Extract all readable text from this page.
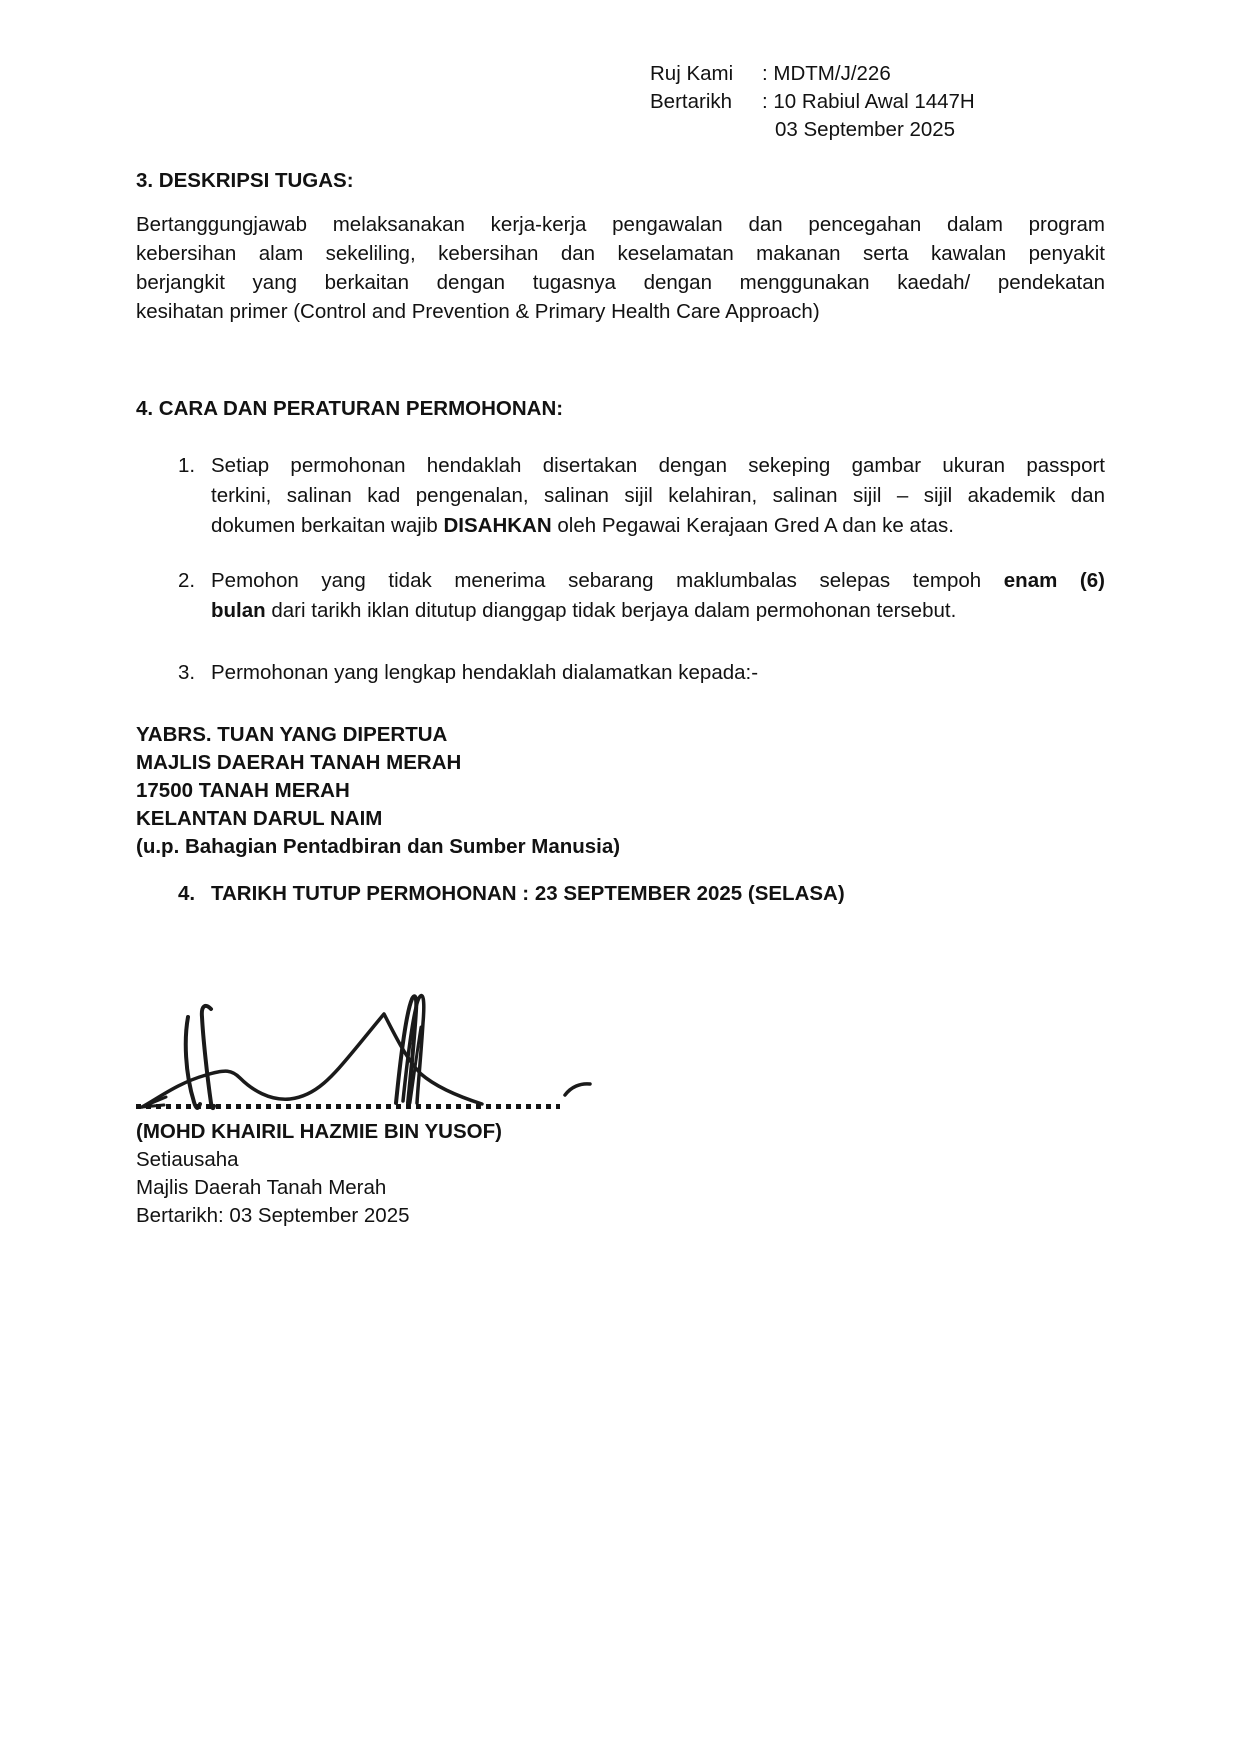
Ruj Kami	: MDTM/J/226
Bertarikh	: 10 Rabiul Awal 1447H
03 September 2025
3. DESKRIPSI TUGAS:
Bertanggungjawab melaksanakan kerja-kerja pengawalan dan pencegahan dalam program
kebersihan alam sekeliling, kebersihan dan keselamatan makanan serta kawalan penyakit
berjangkit yang berkaitan dengan tugasnya dengan menggunakan kaedah/ pendekatan
kesihatan primer (Control and Prevention & Primary Health Care Approach)
4. CARA DAN PERATURAN PERMOHONAN:
1. Setiap permohonan hendaklah disertakan dengan sekeping gambar ukuran passport
terkini, salinan kad pengenalan, salinan sijil kelahiran, salinan sijil – sijil akademik dan
dokumen berkaitan wajib DISAHKAN oleh Pegawai Kerajaan Gred A dan ke atas.
2. Pemohon yang tidak menerima sebarang maklumbalas selepas tempoh enam (6)
bulan dari tarikh iklan ditutup dianggap tidak berjaya dalam permohonan tersebut.
3. Permohonan yang lengkap hendaklah dialamatkan kepada:-
YABRS. TUAN YANG DIPERTUA
MAJLIS DAERAH TANAH MERAH
17500 TANAH MERAH
KELANTAN DARUL NAIM
(u.p. Bahagian Pentadbiran dan Sumber Manusia)
4. TARIKH TUTUP PERMOHONAN : 23 SEPTEMBER 2025 (SELASA)
(MOHD KHAIRIL HAZMIE BIN YUSOF)
Setiausaha
Majlis Daerah Tanah Merah
Bertarikh: 03 September 2025
